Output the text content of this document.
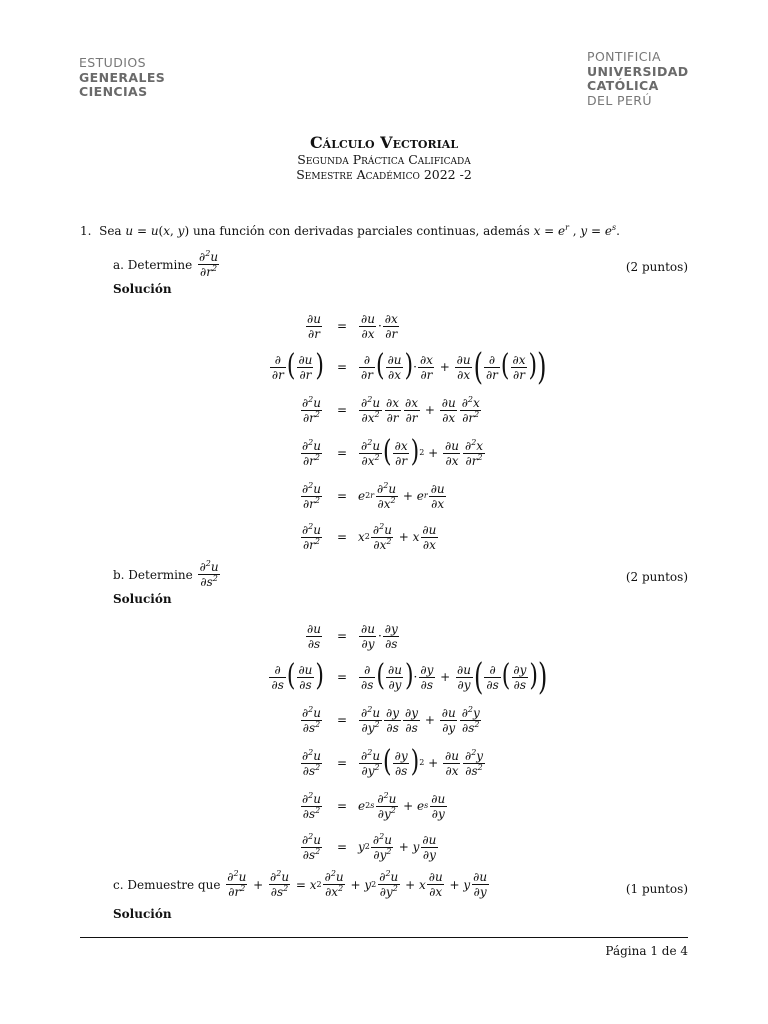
ESTUDIOS
GENERALES
CIENCIAS
PONTIFICIA
UNIVERSIDAD
CATÓLICA
DEL PERÚ
Cálculo Vectorial
Segunda Práctica Calificada
Semestre Académico 2022 -2
1. Sea u = u(x, y) una función con derivadas parciales continuas, además $x = e^r$ , $y = e^s$.
a. Determine
$\frac{\partial^2u}{\partial r^2}$	(2 puntos)
Solución
$\frac{\partial u}{\partial r} = \frac{\partial u}{\partial x} \cdot \frac{\partial x}{\partial r}$
$\frac{\partial}{\partial r}$ ( $\frac{\partial u}{\partial r}$ ) = $\frac{\partial}{\partial r}$ ( $\frac{\partial u}{\partial x}$ ) · $\frac{\partial x}{\partial r} + \frac{\partial u}{\partial x}$ ( $\frac{\partial}{\partial r}$ ( $\frac{\partial x}{\partial r}$ ) )
$\frac{\partial^2u}{\partial r^2} = \frac{\partial^2u}{\partial x^2} \frac{\partial x}{\partial r} \frac{\partial x}{\partial r} + \frac{\partial u}{\partial x} \frac{\partial^2x}{\partial r^2}$
$\frac{\partial^2u}{\partial r^2} = \frac{\partial^2u}{\partial x^2}$ ( $\frac{\partial x}{\partial r}$ ) $2 + \frac{\partial u}{\partial x} \frac{\partial^2x}{\partial r^2}$
$\frac{\partial^2u}{\partial r^2} = e$ $2r \frac{\partial^2u}{\partial x^2} + e$ r $\frac{\partial u}{\partial x}$
$\frac{\partial^2u}{\partial r^2} = x$ $2 \frac{\partial^2u}{\partial x^2} + x \frac{\partial u}{\partial x}$
b. Determine
$\frac{\partial^2u}{\partial s^2}$	(2 puntos)
Solución
$\frac{\partial u}{\partial s} = \frac{\partial u}{\partial y} \cdot \frac{\partial y}{\partial s}$
$\frac{\partial}{\partial s}$ ( $\frac{\partial u}{\partial s}$ ) = $\frac{\partial}{\partial s}$ ( $\frac{\partial u}{\partial y}$ ) · $\frac{\partial y}{\partial s} + \frac{\partial u}{\partial y}$ ( $\frac{\partial}{\partial s}$ ( $\frac{\partial y}{\partial s}$ ) )
$\frac{\partial^2u}{\partial s^2} = \frac{\partial^2u}{\partial y^2} \frac{\partial y}{\partial s} \frac{\partial y}{\partial s} + \frac{\partial u}{\partial y} \frac{\partial^2y}{\partial s^2}$
$\frac{\partial^2u}{\partial s^2} = \frac{\partial^2u}{\partial y^2}$ ( $\frac{\partial y}{\partial s}$ ) $2 + \frac{\partial u}{\partial x} \frac{\partial^2y}{\partial s^2}$
$\frac{\partial^2u}{\partial s^2} = e$ $2s \frac{\partial^2u}{\partial y^2} + e$ s $\frac{\partial u}{\partial y}$
$\frac{\partial^2u}{\partial s^2} = y$ $2 \frac{\partial^2u}{\partial y^2} + y \frac{\partial u}{\partial y}$
c. Demuestre que
$\frac{\partial^2u}{\partial r^2} + \frac{\partial^2u}{\partial s^2} = x$ $2 \frac{\partial^2u}{\partial x^2} + y$ $2 \frac{\partial^2u}{\partial y^2} + x \frac{\partial u}{\partial x} + y \frac{\partial u}{\partial y}$	(1 puntos)
Solución
Página 1 de 4
